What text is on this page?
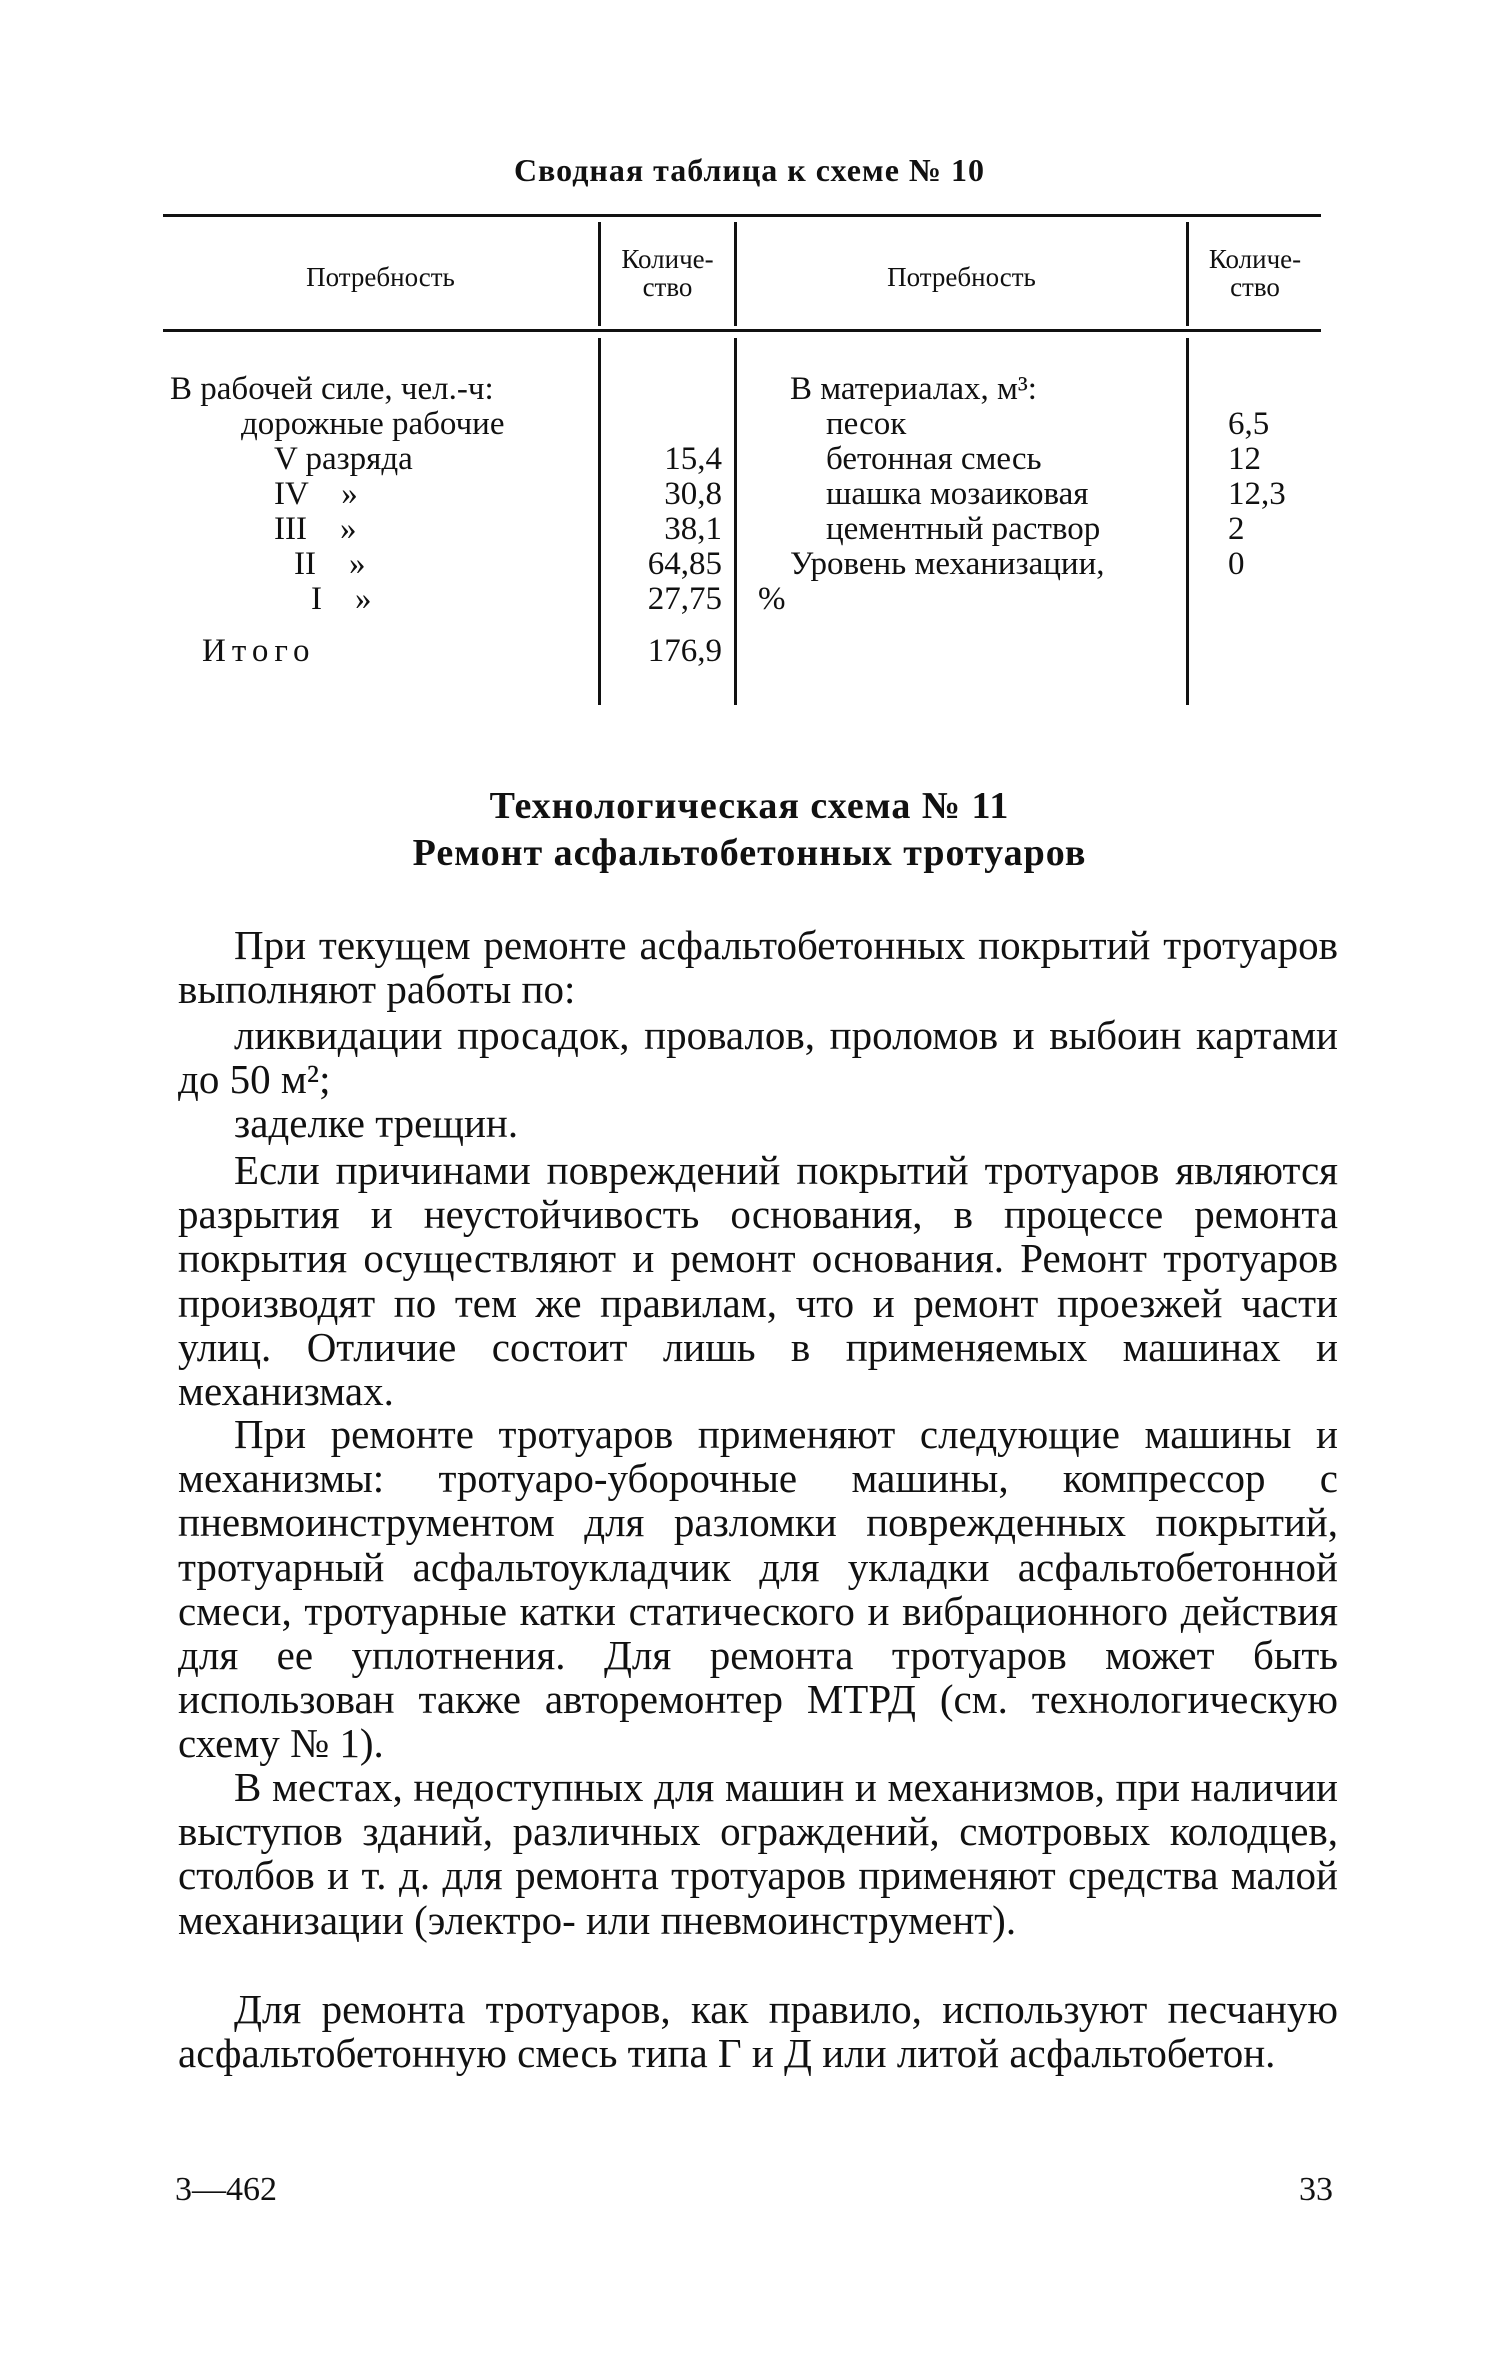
Сводная таблица к схеме № 10
Потребность
Количе-
ство	Потребность
Количе-
ство
В рабочей силе, чел.-ч:
дорожные рабочие
V разряда
IV    »
III    »
II    »
I    »
Итого
15,4
30,8
38,1
64,85
27,75
176,9
В материалах, м³:
песок
бетонная смесь
шашка мозаиковая
цементный раствор
Уровень механизации,
%
6,5
12
12,3
2
0
Технологическая схема № 11
Ремонт асфальтобетонных тротуаров
При текущем ремонте асфальтобетонных покрытий тротуаров выполняют работы по:
ликвидации просадок, провалов, проломов и выбоин картами до 50 м²;
заделке трещин.
Если причинами повреждений покрытий тротуаров являются разрытия и неустойчивость основания, в процессе ремонта покрытия осуществляют и ремонт основания. Ремонт тротуаров производят по тем же правилам, что и ремонт проезжей части улиц. Отличие состоит лишь в применяемых машинах и механизмах.
При ремонте тротуаров применяют следующие машины и механизмы: тротуаро-уборочные машины, компрессор с пневмоинструментом для разломки поврежденных покрытий, тротуарный асфальтоукладчик для укладки асфальтобетонной смеси, тротуарные катки статического и вибрационного действия для ее уплотнения. Для ремонта тротуаров может быть использован также авторемонтер МТРД (см. технологическую схему № 1).
В местах, недоступных для машин и механизмов, при наличии выступов зданий, различных ограждений, смотровых колодцев, столбов и т. д. для ремонта тротуаров применяют средства малой механизации (электро- или пневмоинструмент).
Для ремонта тротуаров, как правило, используют песчаную асфальтобетонную смесь типа Г и Д или литой асфальтобетон.
3—462	33
